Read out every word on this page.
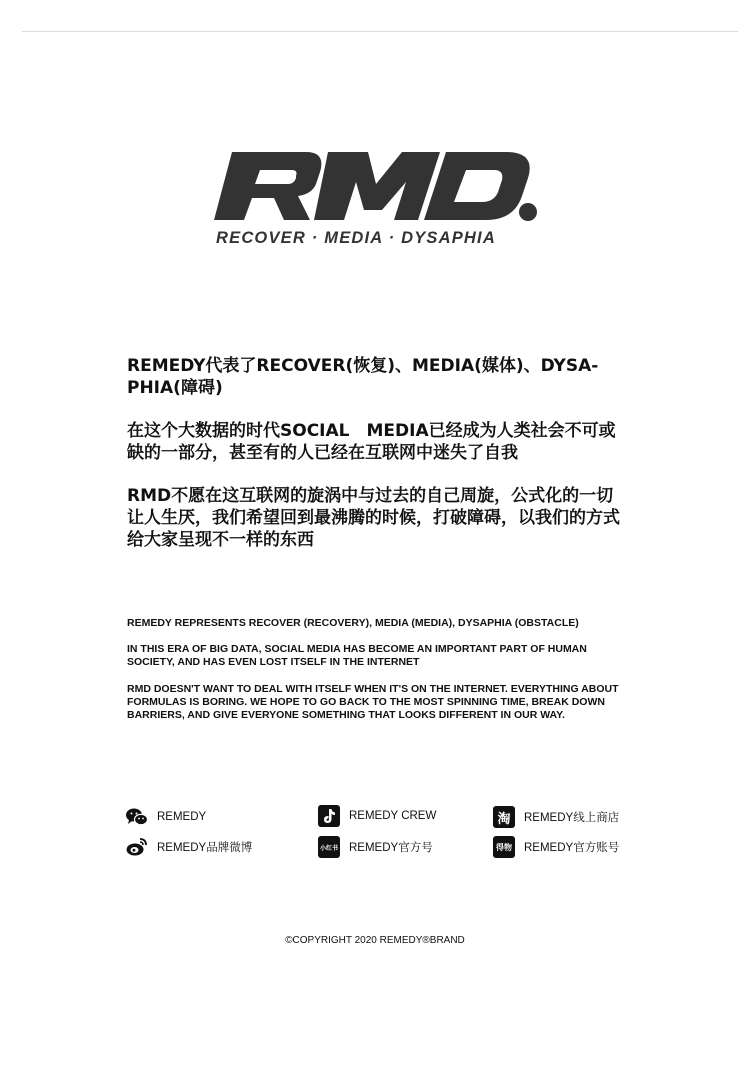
RECOVER · MEDIA · DYSAPHIA

REMEDY代表了RECOVER(恢复)、MEDIA(媒体)、DYSA-PHIA(障碍)

在这个大数据的时代SOCIAL　MEDIA已经成为人类社会不可或缺的一部分，甚至有的人已经在互联网中迷失了自我

RMD不愿在这互联网的旋涡中与过去的自己周旋，公式化的一切让人生厌，我们希望回到最沸腾的时候，打破障碍，以我们的方式给大家呈现不一样的东西

REMEDY REPRESENTS RECOVER (RECOVERY), MEDIA (MEDIA), DYSAPHIA (OBSTACLE)

IN THIS ERA OF BIG DATA, SOCIAL MEDIA HAS BECOME AN IMPORTANT PART OF HUMAN SOCIETY, AND HAS EVEN LOST ITSELF IN THE INTERNET

RMD DOESN'T WANT TO DEAL WITH ITSELF WHEN IT'S ON THE INTERNET. EVERYTHING ABOUT FORMULAS IS BORING. WE HOPE TO GO BACK TO THE MOST SPINNING TIME, BREAK DOWN BARRIERS, AND GIVE EVERYONE SOMETHING THAT LOOKS DIFFERENT IN OUR WAY.

REMEDY	REMEDY CREW	淘 REMEDY线上商店
REMEDY品牌微博	小红书 REMEDY官方号	得物 REMEDY官方账号
©COPYRIGHT 2020 REMEDY®BRAND
